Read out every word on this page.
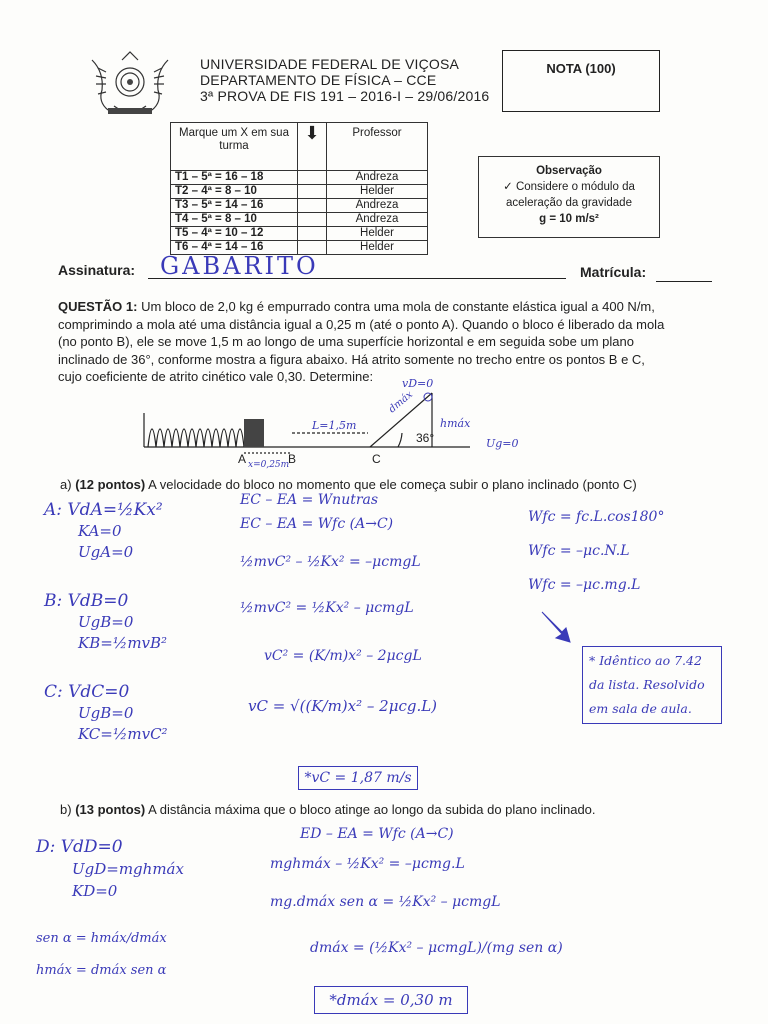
UNIVERSIDADE FEDERAL DE VIÇOSA
DEPARTAMENTO DE FÍSICA – CCE
3ª PROVA DE FIS 191 – 2016-I – 29/06/2016
NOTA (100)
Marque um X em sua turma	⬇	Professor
T1 – 5ª = 16 – 18		Andreza
T2 – 4ª = 8 – 10		Helder
T3 – 5ª = 14 – 16		Andreza
T4 – 5ª = 8 – 10		Andreza
T5 – 4ª = 10 – 12		Helder
T6 – 4ª = 14 – 16		Helder
Observação
✓ Considere o módulo da
aceleração da gravidade
g = 10 m/s²
Assinatura: GABARITO	Matrícula:
QUESTÃO 1: Um bloco de 2,0 kg é empurrado contra uma mola de constante elástica igual a 400 N/m,
comprimindo a mola até uma distância igual a 0,25 m (até o ponto A). Quando o bloco é liberado da mola
(no ponto B), ele se move 1,5 m ao longo de uma superfície horizontal e em seguida sobe um plano
inclinado de 36°, conforme mostra a figura abaixo. Há atrito somente no trecho entre os pontos B e C,
cujo coeficiente de atrito cinético vale 0,30. Determine:
A	B	C
36°
vD=0
L=1,5m
x=0,25m
dmáx
hmáx
Ug=0
a) (12 pontos) A velocidade do bloco no momento que ele começa subir o plano inclinado (ponto C)
A: VdA=½Kx²
KA=0
UgA=0
B: VdB=0
UgB=0
KB=½mvB²
C: VdC=0
UgB=0
KC=½mvC²
EC – EA = Wnutras
EC – EA = Wfc (A→C)
½mvC² – ½Kx² = –μcmgL
½mvC² = ½Kx² – μcmgL
vC² = (K/m)x² – 2μcgL
vC = √((K/m)x² – 2μcg.L)
*vC = 1,87 m/s
Wfc = fc.L.cos180°
Wfc = –μc.N.L
Wfc = –μc.mg.L
* Idêntico ao 7.42 da lista. Resolvido em sala de aula.
b) (13 pontos) A distância máxima que o bloco atinge ao longo da subida do plano inclinado.
D: VdD=0
UgD=mghmáx
KD=0
sen α = hmáx/dmáx
hmáx = dmáx sen α
ED – EA = Wfc (A→C)
mghmáx – ½Kx² = –μcmg.L
mg.dmáx sen α = ½Kx² – μcmgL
dmáx = (½Kx² – μcmgL)/(mg sen α)
*dmáx = 0,30 m
